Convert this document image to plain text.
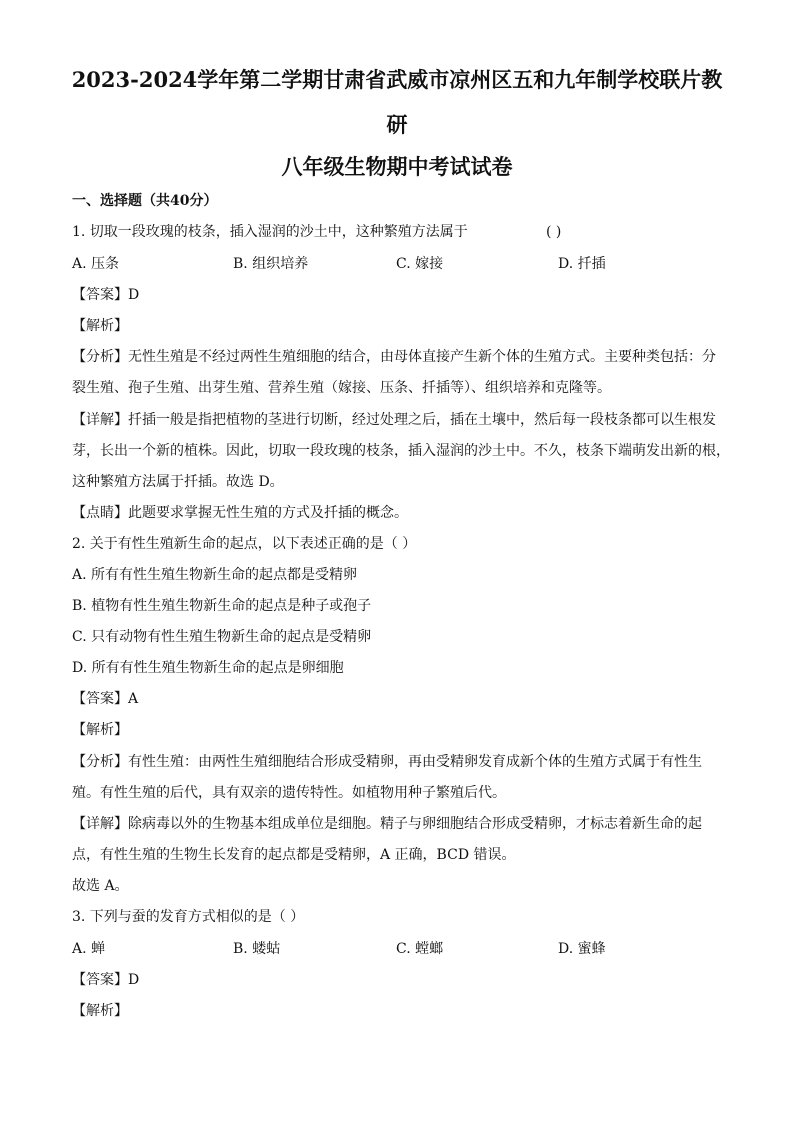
2023-2024学年第二学期甘肃省武威市凉州区五和九年制学校联片教
研
八年级生物期中考试试卷

一、选择题（共40分）

1. 切取一段玫瑰的枝条，插入湿润的沙土中，这种繁殖方法属于	( )
A. 压条	B. 组织培养	C. 嫁接	D. 扦插

【答案】D

【解析】

【分析】无性生殖是不经过两性生殖细胞的结合，由母体直接产生新个体的生殖方式。主要种类包括：分

裂生殖、孢子生殖、出芽生殖、营养生殖（嫁接、压条、扦插等）、组织培养和克隆等。

【详解】扦插一般是指把植物的茎进行切断，经过处理之后，插在土壤中，然后每一段枝条都可以生根发

芽，长出一个新的植株。因此，切取一段玫瑰的枝条，插入湿润的沙土中。不久，枝条下端萌发出新的根，

这种繁殖方法属于扦插。故选 D。

【点睛】此题要求掌握无性生殖的方式及扦插的概念。

2. 关于有性生殖新生命的起点，以下表述正确的是（ ）

A. 所有有性生殖生物新生命的起点都是受精卵

B. 植物有性生殖生物新生命的起点是种子或孢子

C. 只有动物有性生殖生物新生命的起点是受精卵

D. 所有有性生殖生物新生命的起点是卵细胞

【答案】A

【解析】

【分析】有性生殖：由两性生殖细胞结合形成受精卵，再由受精卵发育成新个体的生殖方式属于有性生

殖。有性生殖的后代，具有双亲的遗传特性。如植物用种子繁殖后代。

【详解】除病毒以外的生物基本组成单位是细胞。精子与卵细胞结合形成受精卵，才标志着新生命的起

点，有性生殖的生物生长发育的起点都是受精卵，A 正确，BCD 错误。

故选 A。

3. 下列与蚕的发育方式相似的是（ ）

A. 蝉	B. 蝼蛄	C. 螳螂	D. 蜜蜂

【答案】D

【解析】
